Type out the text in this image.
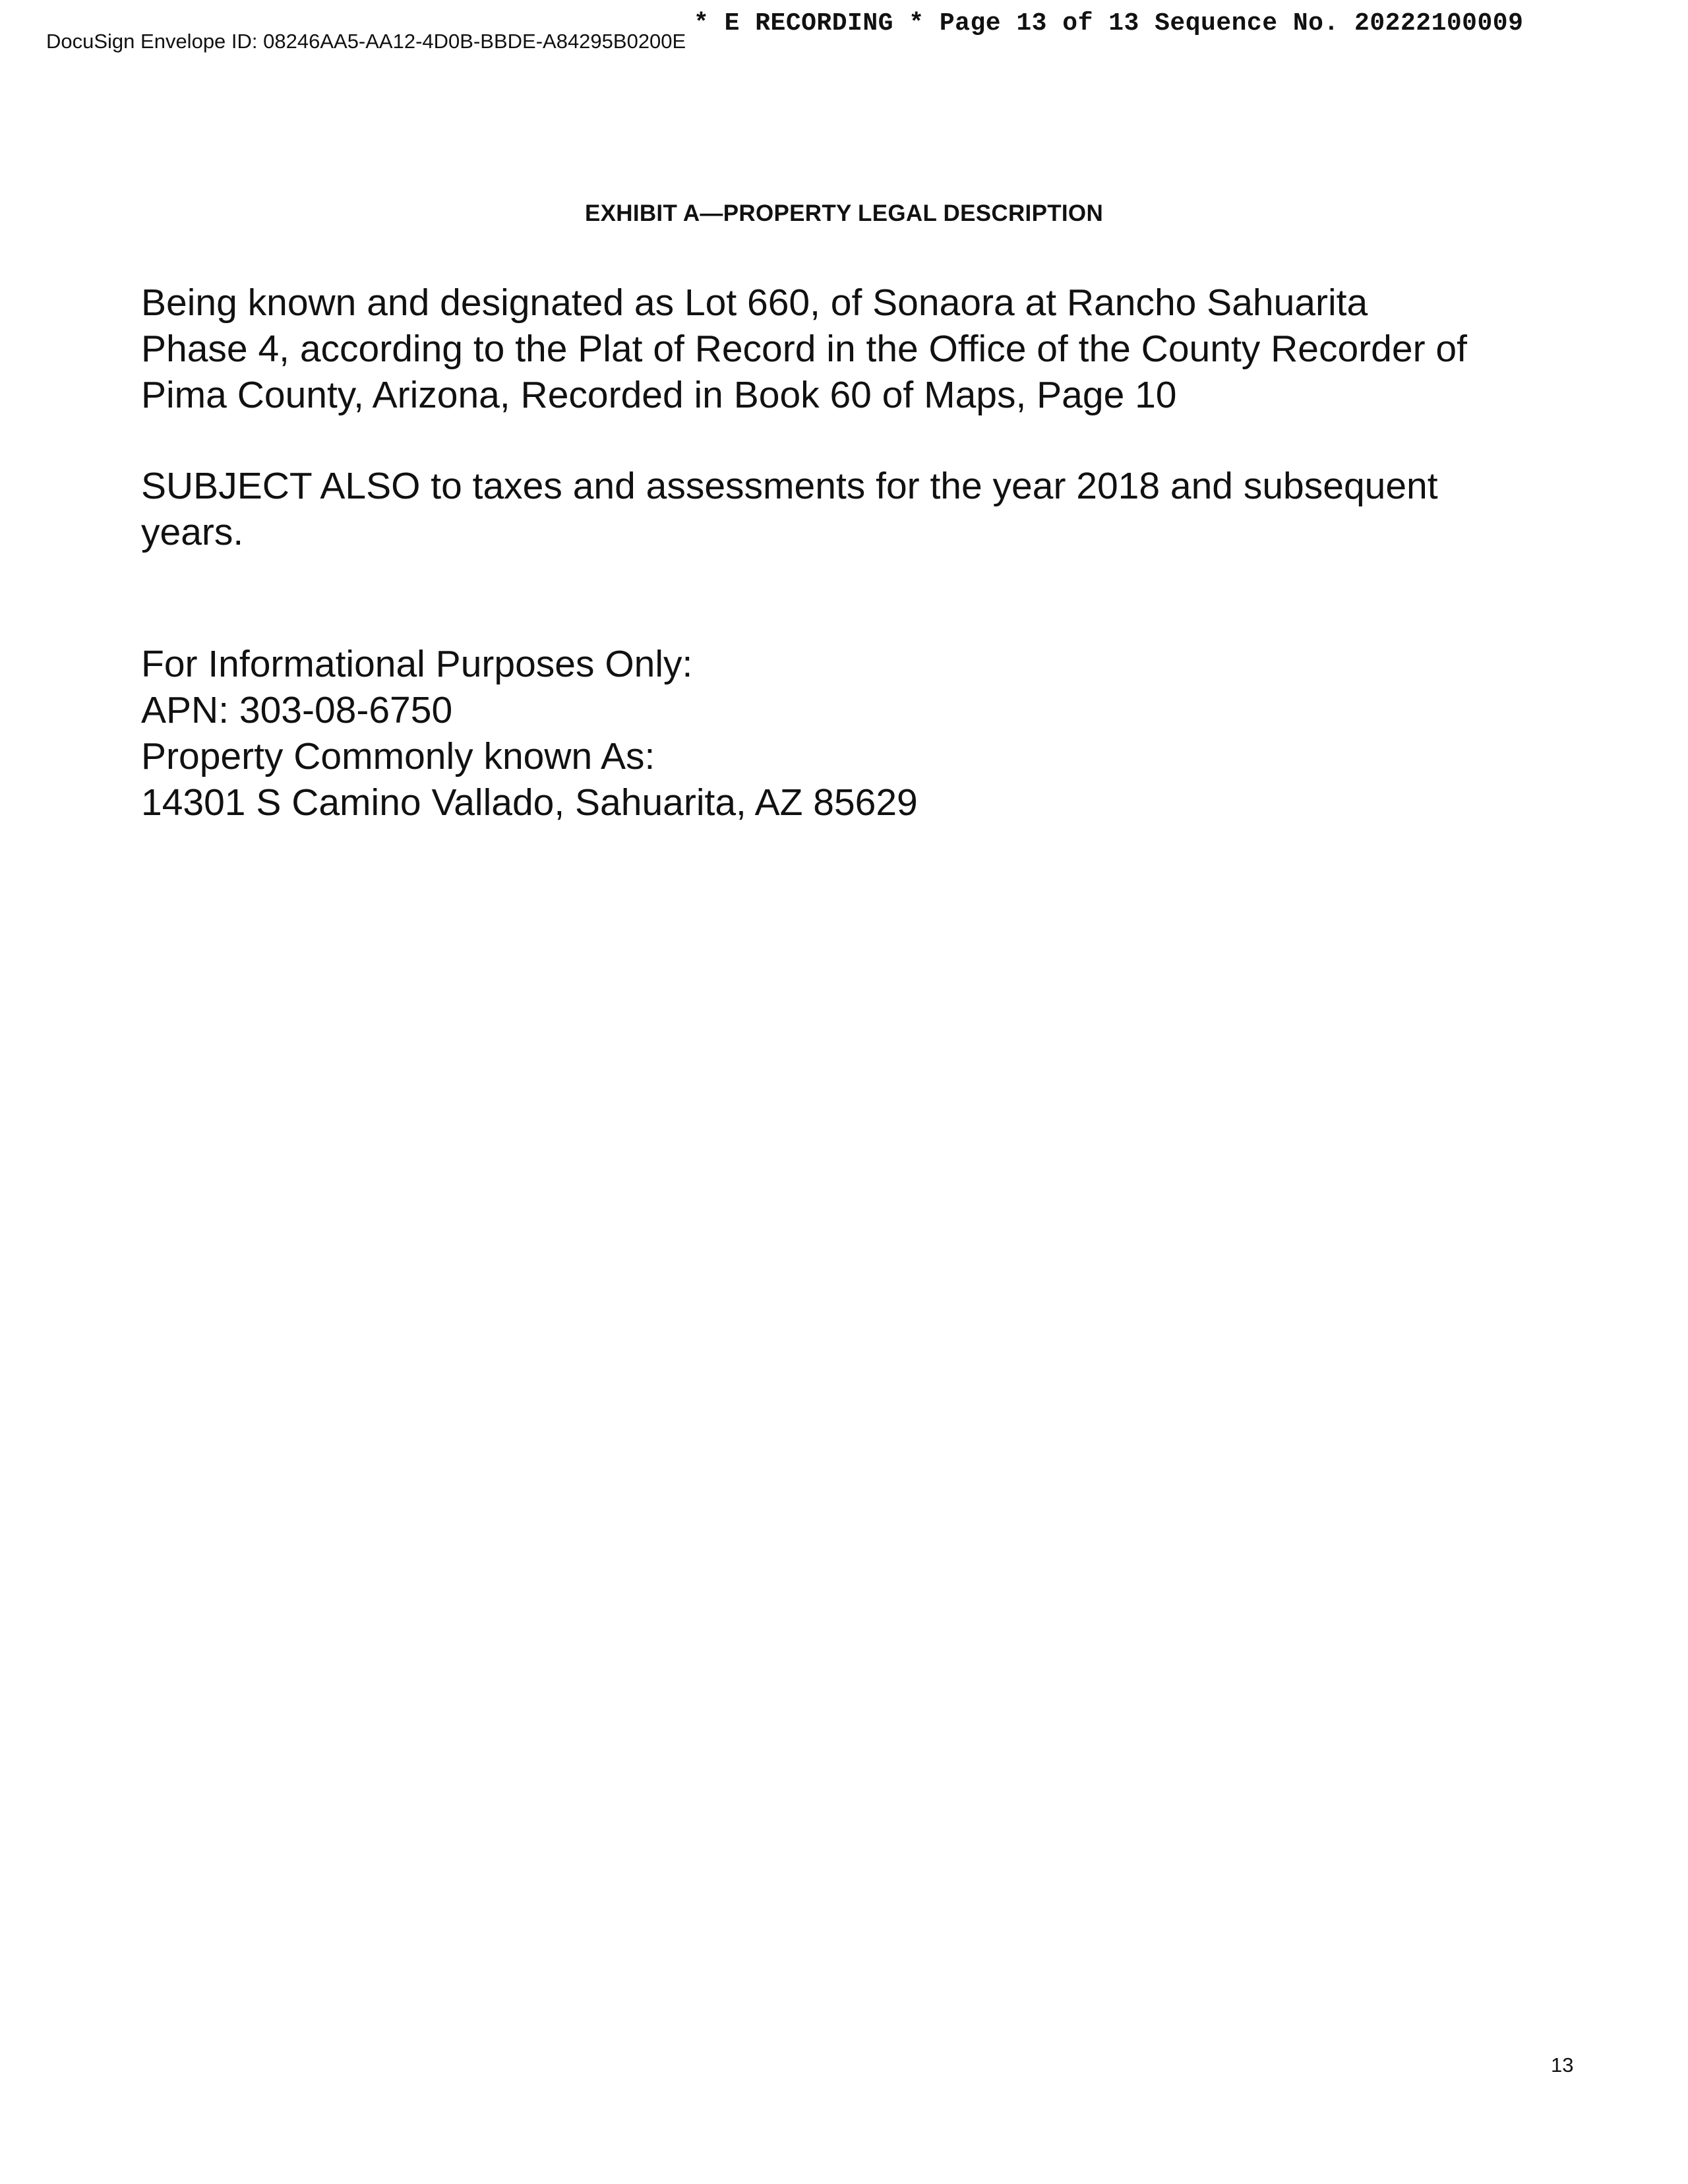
DocuSign Envelope ID: 08246AA5-AA12-4D0B-BBDE-A84295B0200E
* E RECORDING * Page 13 of 13 Sequence No. 20222100009
EXHIBIT A—PROPERTY LEGAL DESCRIPTION
Being known and designated as Lot 660, of Sonaora at Rancho Sahuarita
Phase 4, according to the Plat of Record in the Office of the County Recorder of
Pima County, Arizona, Recorded in Book 60 of Maps, Page 10
SUBJECT ALSO to taxes and assessments for the year 2018 and subsequent
years.
For Informational Purposes Only:
APN: 303-08-6750
Property Commonly known As:
14301 S Camino Vallado, Sahuarita, AZ 85629
13
